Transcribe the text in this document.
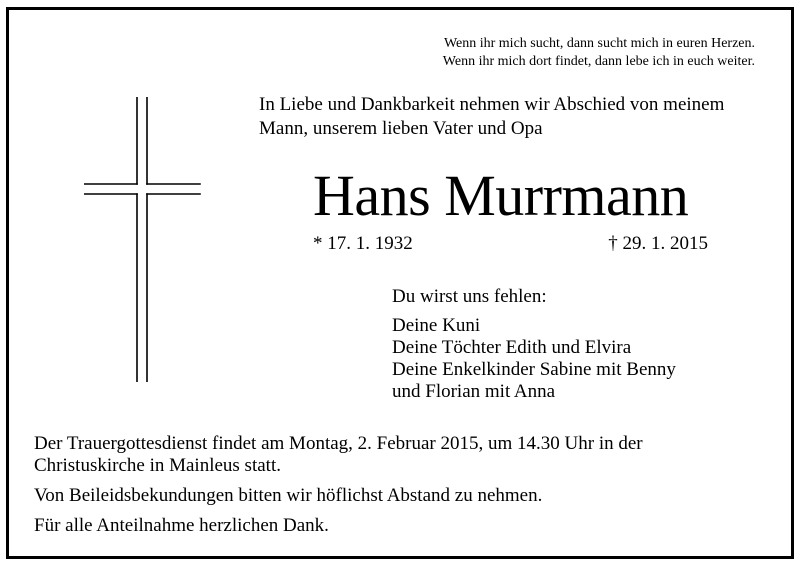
Wenn ihr mich sucht, dann sucht mich in euren Herzen.
Wenn ihr mich dort findet, dann lebe ich in euch weiter.
In Liebe und Dankbarkeit nehmen wir Abschied von meinem
Mann, unserem lieben Vater und Opa
Hans Murrmann
* 17. 1. 1932	† 29. 1. 2015
Du wirst uns fehlen:
Deine Kuni
Deine Töchter Edith und Elvira
Deine Enkelkinder Sabine mit Benny
und Florian mit Anna
Der Trauergottesdienst findet am Montag, 2. Februar 2015, um 14.30 Uhr in der
Christuskirche in Mainleus statt.
Von Beileidsbekundungen bitten wir höflichst Abstand zu nehmen.
Für alle Anteilnahme herzlichen Dank.
